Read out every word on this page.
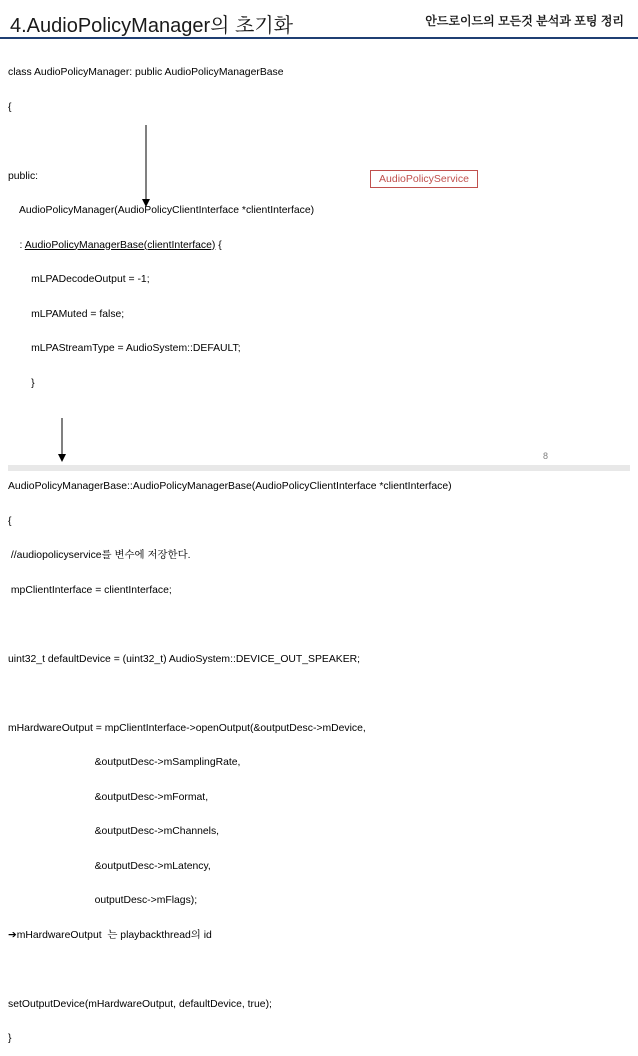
4.AudioPolicyManager의 초기화	안드로이드의 모든것 분석과 포팅 정리

class AudioPolicyManager: public AudioPolicyManagerBase

{

public:

AudioPolicyManager(AudioPolicyClientInterface *clientInterface)

: AudioPolicyManagerBase(clientInterface) {

mLPADecodeOutput = -1;

mLPAMuted = false;

mLPAStreamType = AudioSystem::DEFAULT;

}

AudioPolicyManagerBase::AudioPolicyManagerBase(AudioPolicyClientInterface *clientInterface)

{

//audiopolicyservice를 변수에 저장한다.

mpClientInterface = clientInterface;

uint32_t defaultDevice = (uint32_t) AudioSystem::DEVICE_OUT_SPEAKER;

mHardwareOutput = mpClientInterface->openOutput(&outputDesc->mDevice,

&outputDesc->mSamplingRate,

&outputDesc->mFormat,

&outputDesc->mChannels,

&outputDesc->mLatency,

outputDesc->mFlags);

➔mHardwareOutput  는 playbackthread의 id

setOutputDevice(mHardwareOutput, defaultDevice, true);

}

AudioPolicyService
8
